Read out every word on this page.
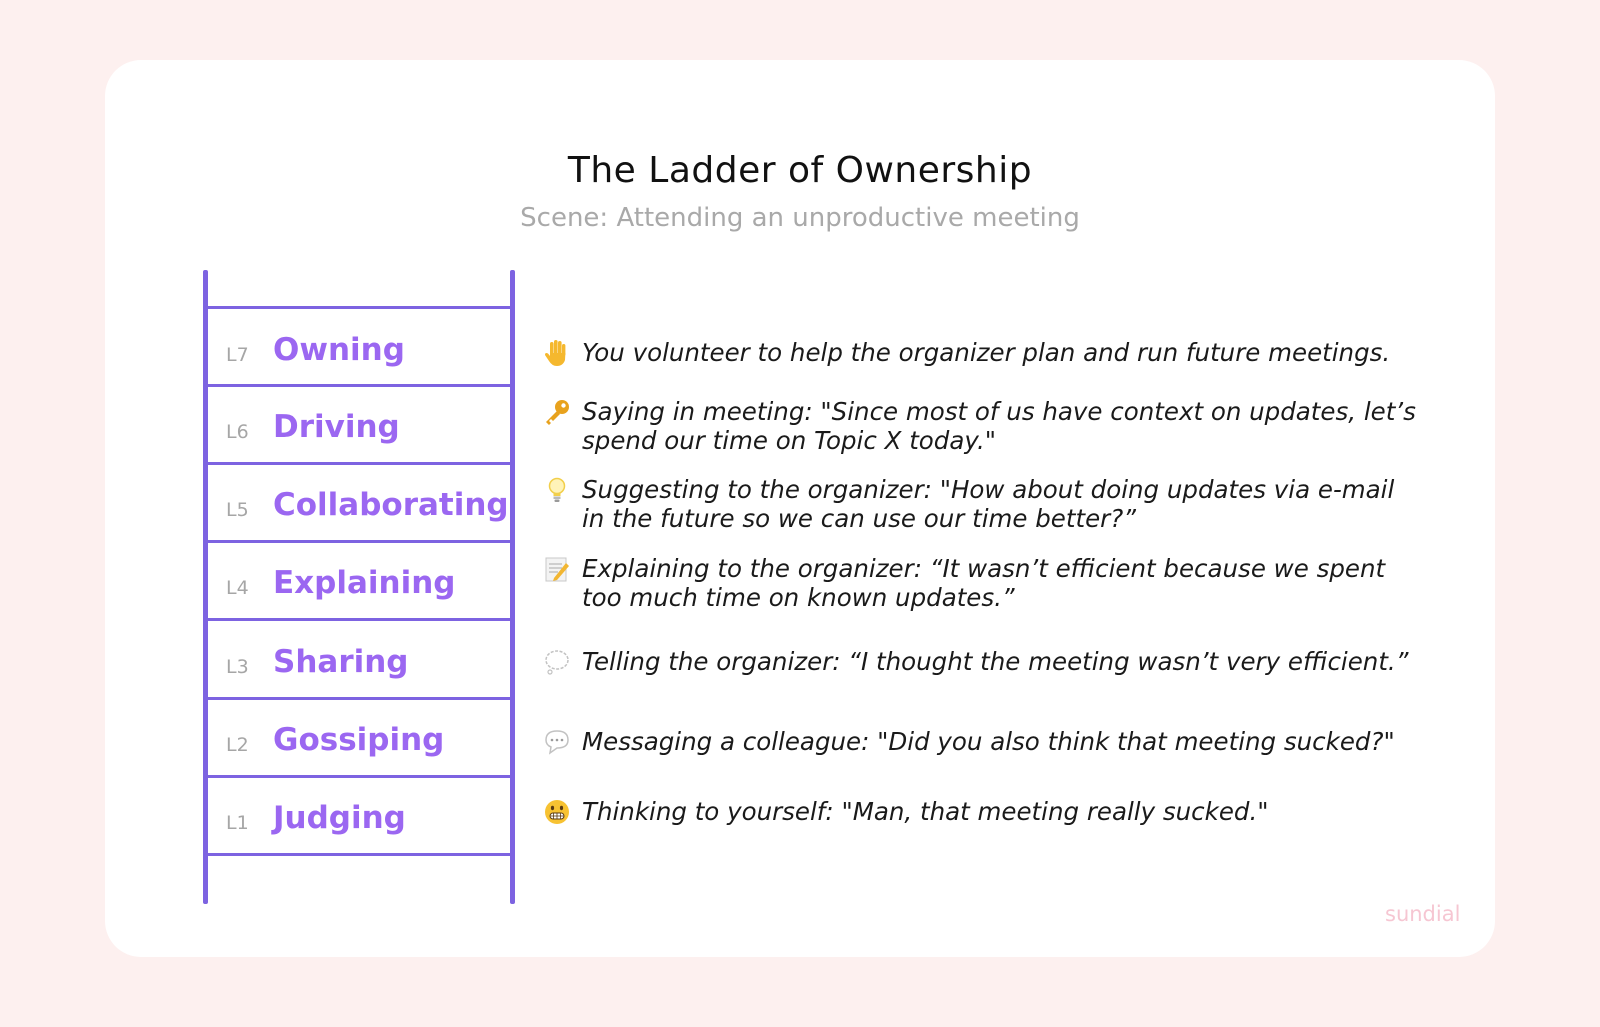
The Ladder of Ownership
Scene: Attending an unproductive meeting
L7 Owning
L6 Driving
L5 Collaborating
L4 Explaining
L3 Sharing
L2 Gossiping
L1 Judging
You volunteer to help the organizer plan and run future meetings.
Saying in meeting: "Since most of us have context on updates, let’s
spend our time on Topic X today."
Suggesting to the organizer: "How about doing updates via e-mail
in the future so we can use our time better?”
Explaining to the organizer: “It wasn’t efficient because we spent
too much time on known updates.”
Telling the organizer: “I thought the meeting wasn’t very efficient.”
Messaging a colleague: "Did you also think that meeting sucked?"
Thinking to yourself: "Man, that meeting really sucked."
sundial
